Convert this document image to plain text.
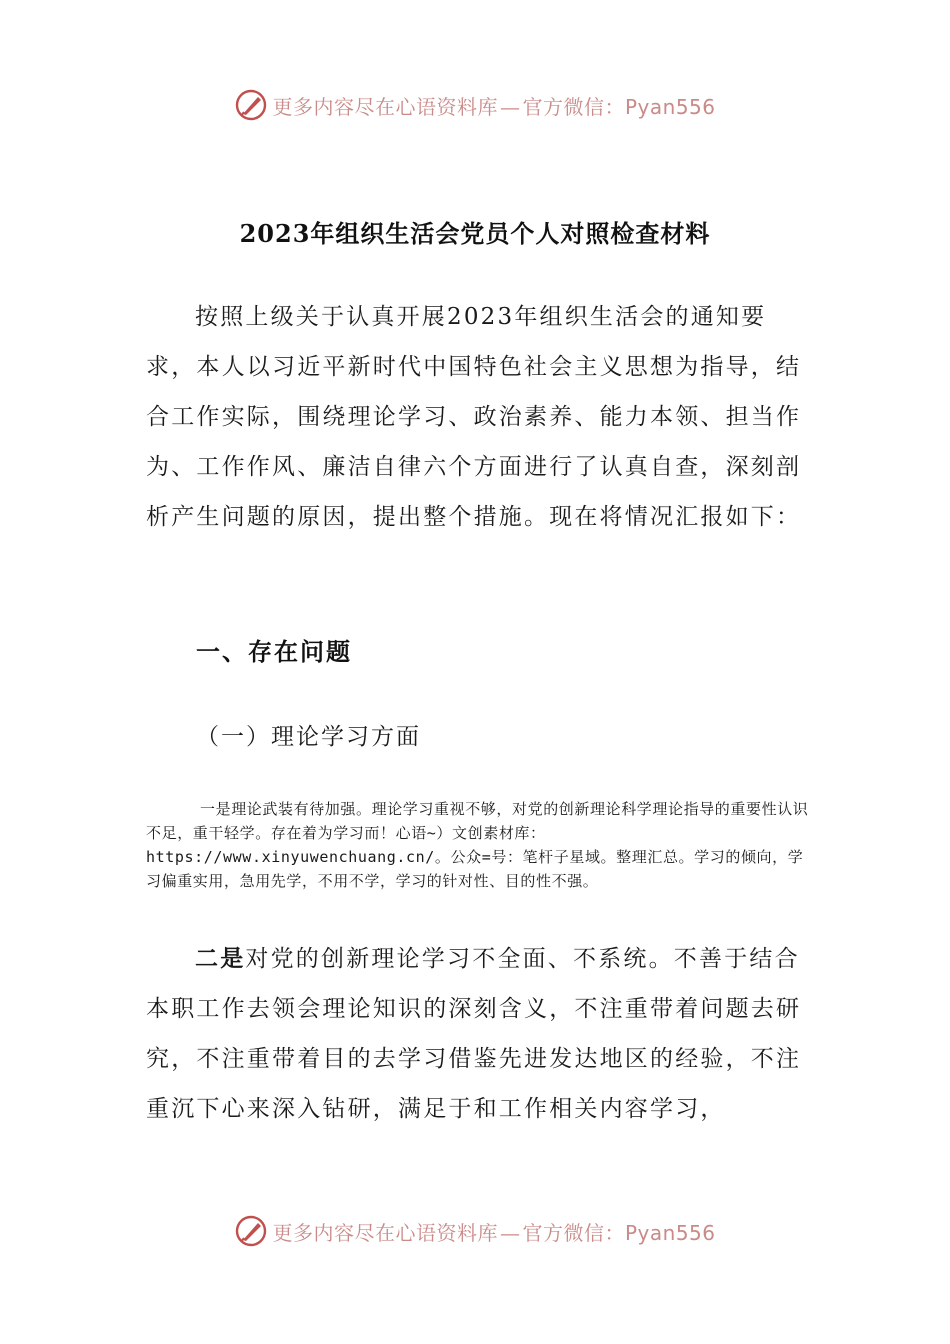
更多内容尽在心语资料库 — 官方微信：Pyan556
2023年组织生活会党员个人对照检查材料

按照上级关于认真开展2023年组织生活会的通知要求，本人以习近平新时代中国特色社会主义思想为指导，结合工作实际，围绕理论学习、政治素养、能力本领、担当作为、工作作风、廉洁自律六个方面进行了认真自查，深刻剖析产生问题的原因，提出整个措施。现在将情况汇报如下：

一、存在问题
（一）理论学习方面

一是理论武装有待加强。理论学习重视不够，对党的创新理论科学理论指导的重要性认识不足，重干轻学。存在着为学习而！心语~）文创素材库：https://www.xinyuwenchuang.cn/。公众=号：笔杆子星域。整理汇总。学习的倾向，学习偏重实用，急用先学，不用不学，学习的针对性、目的性不强。

二是对党的创新理论学习不全面、不系统。不善于结合本职工作去领会理论知识的深刻含义，不注重带着问题去研究，不注重带着目的去学习借鉴先进发达地区的经验，不注重沉下心来深入钻研，满足于和工作相关内容学习，

更多内容尽在心语资料库 — 官方微信：Pyan556
